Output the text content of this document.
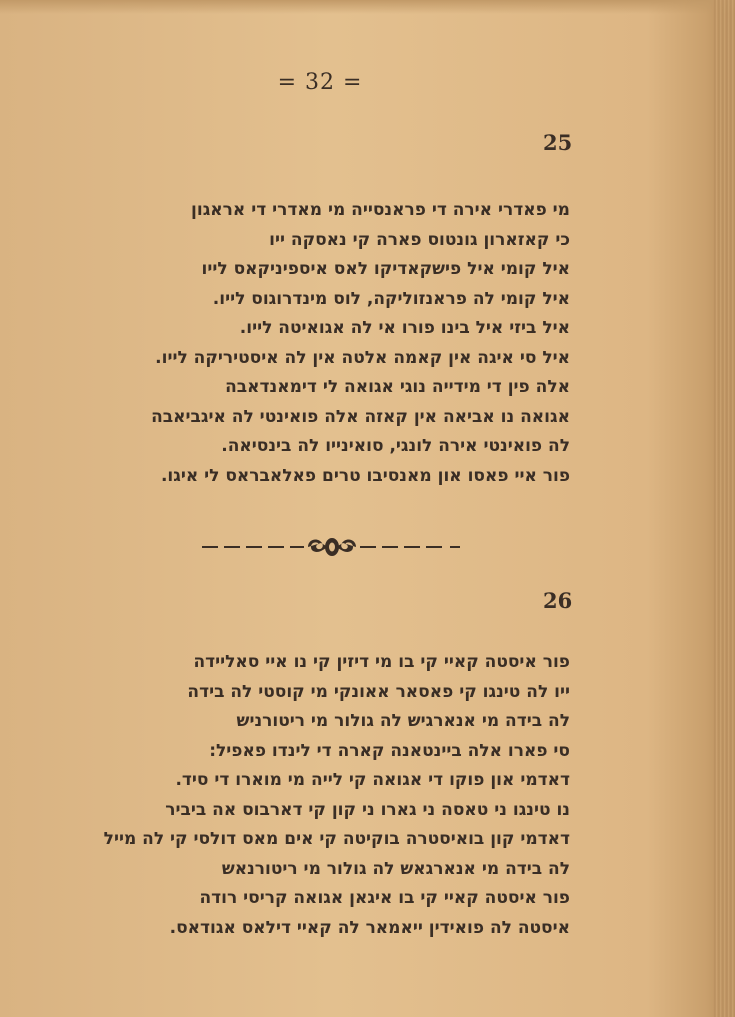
= 32 =
25
מי פאדרי אירה די פראנסייה מי מאדרי די אראגון
כי קאזארון גונטוס פארה קי נאסקה ייו
איל קומי איל פישקאדיקו לאס איספיניקאס לייו
איל קומי לה פראנזוליקה, לוס מינדרוגוס לייו.
איל ביזי איל בינו פורו אי לה אגואיטה לייו.
איל סי איגה אין קאמה אלטה אין לה איסטיריקה לייו.
אלה פין די מידייה נוגי אגואה לי דימאנדאבה
אגואה נו אביאה אין קאזה אלה פואינטי לה איגביאבה
לה פואינטי אירה לונגי, סואינייו לה בינסיאה.
פור איי פאסו און מאנסיבו טרים פאלאבראס לי איגו.
26
פור איסטה קאיי קי בו מי דיזין קי נו איי סאליידה
ייו לה טינגו קי פאסאר אאונקי מי קוסטי לה בידה
לה בידה מי אנארגיש לה גולור מי ריטורניש
סי פארו אלה ביינטאנה קארה די לינדו פאפיל:
דאדמי און פוקו די אגואה קי לייה מי מוארו די סיד.
נו טינגו ני טאסה ני גארו ני קון קי דארבוס אה ביביר
דאדמי קון בואיסטרה בוקיטה קי אים מאס דולסי קי לה מייל
לה בידה מי אנארגאש לה גולור מי ריטורנאש
פור איסטה קאיי קי בו איגאן אגואה קריסי רודה
איסטה לה פואידין ייאמאר לה קאיי דילאס אגודאס.
